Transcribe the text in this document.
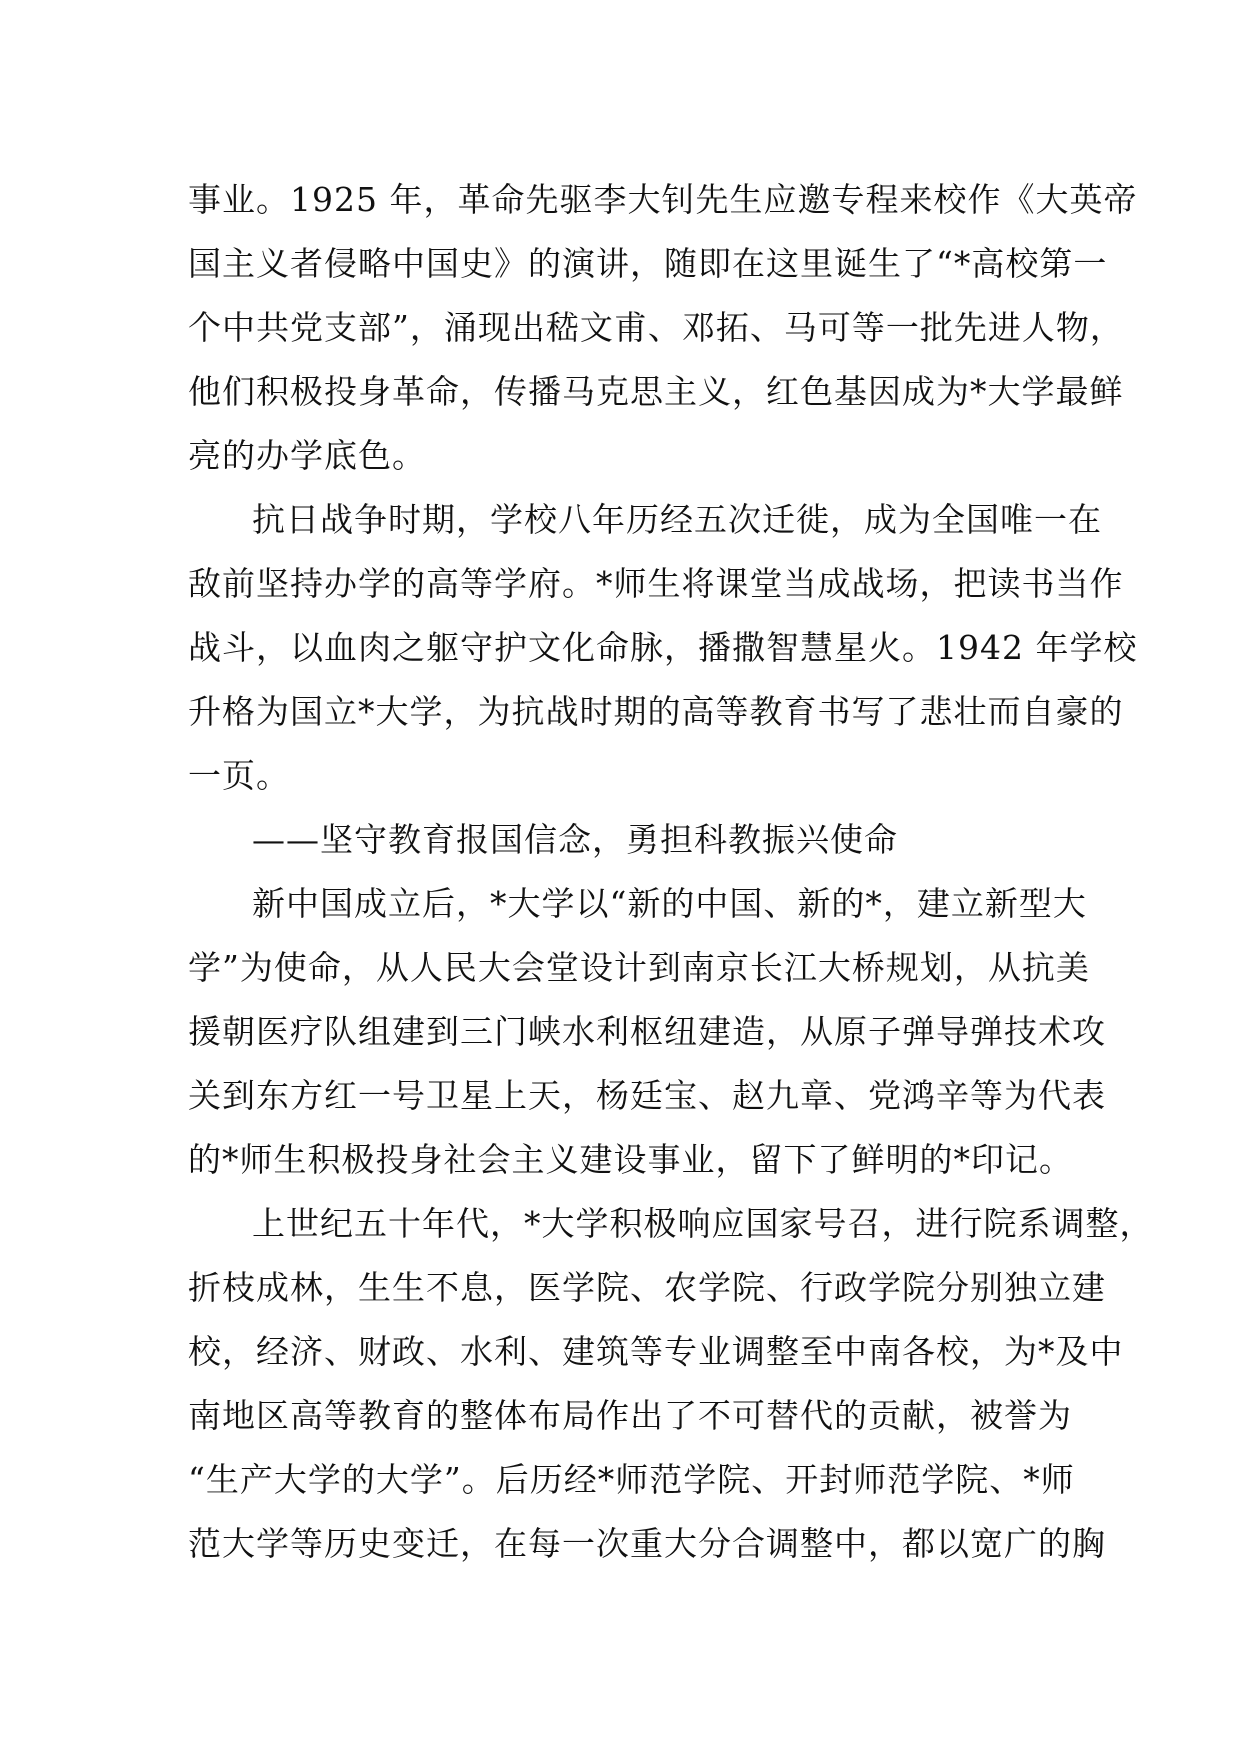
事业。1925 年，革命先驱李大钊先生应邀专程来校作《大英帝
国主义者侵略中国史》的演讲，随即在这里诞生了“*高校第一
个中共党支部”，涌现出嵇文甫、邓拓、马可等一批先进人物，
他们积极投身革命，传播马克思主义，红色基因成为*大学最鲜
亮的办学底色。
抗日战争时期，学校八年历经五次迁徙，成为全国唯一在
敌前坚持办学的高等学府。*师生将课堂当成战场，把读书当作
战斗，以血肉之躯守护文化命脉，播撒智慧星火。1942 年学校
升格为国立*大学，为抗战时期的高等教育书写了悲壮而自豪的
一页。
——坚守教育报国信念，勇担科教振兴使命
新中国成立后，*大学以“新的中国、新的*，建立新型大
学”为使命，从人民大会堂设计到南京长江大桥规划，从抗美
援朝医疗队组建到三门峡水利枢纽建造，从原子弹导弹技术攻
关到东方红一号卫星上天，杨廷宝、赵九章、党鸿辛等为代表
的*师生积极投身社会主义建设事业，留下了鲜明的*印记。
上世纪五十年代，*大学积极响应国家号召，进行院系调整，
折枝成林，生生不息，医学院、农学院、行政学院分别独立建
校，经济、财政、水利、建筑等专业调整至中南各校，为*及中
南地区高等教育的整体布局作出了不可替代的贡献，被誉为
“生产大学的大学”。后历经*师范学院、开封师范学院、*师
范大学等历史变迁，在每一次重大分合调整中，都以宽广的胸
